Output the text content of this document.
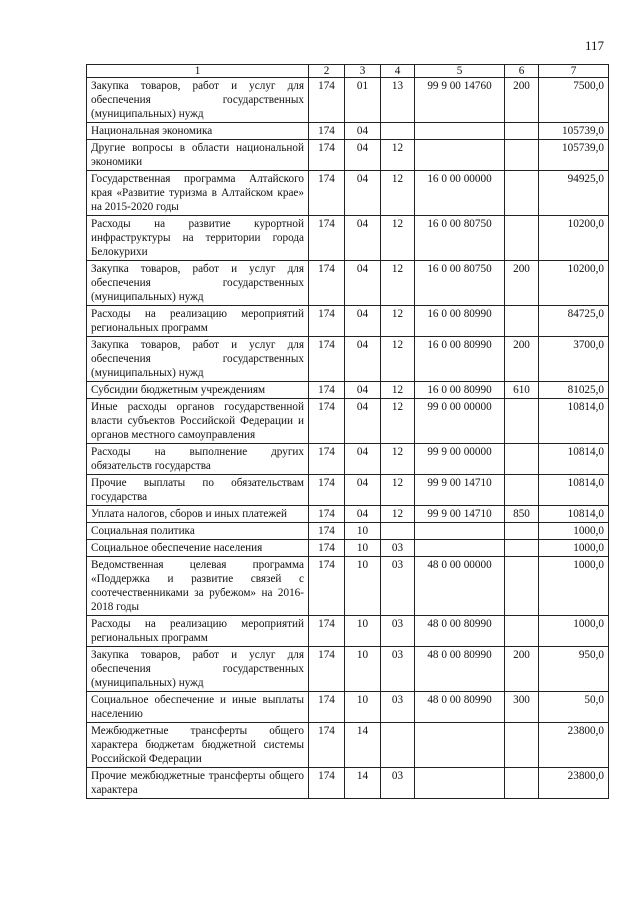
117
1	2	3	4	5	6	7
Закупка товаров, работ и услуг для обеспечения государственных (муниципальных) нужд	174	01	13	99 9 00 14760	200	7500,0
Национальная экономика	174	04				105739,0
Другие вопросы в области национальной экономики	174	04	12			105739,0
Государственная программа Алтайского края «Развитие туризма в Алтайском крае» на 2015-2020 годы	174	04	12	16 0 00 00000		94925,0
Расходы на развитие курортной инфраструктуры на территории города Белокурихи	174	04	12	16 0 00 80750		10200,0
Закупка товаров, работ и услуг для обеспечения государственных (муниципальных) нужд	174	04	12	16 0 00 80750	200	10200,0
Расходы на реализацию мероприятий региональных программ	174	04	12	16 0 00 80990		84725,0
Закупка товаров, работ и услуг для обеспечения государственных (муниципальных) нужд	174	04	12	16 0 00 80990	200	3700,0
Субсидии бюджетным учреждениям	174	04	12	16 0 00 80990	610	81025,0
Иные расходы органов государственной власти субъектов Российской Федерации и органов местного самоуправления	174	04	12	99 0 00 00000		10814,0
Расходы на выполнение других обязательств государства	174	04	12	99 9 00 00000		10814,0
Прочие выплаты по обязательствам государства	174	04	12	99 9 00 14710		10814,0
Уплата налогов, сборов и иных платежей	174	04	12	99 9 00 14710	850	10814,0
Социальная политика	174	10				1000,0
Социальное обеспечение населения	174	10	03			1000,0
Ведомственная целевая программа «Поддержка и развитие связей с соотечественниками за рубежом» на 2016-2018 годы	174	10	03	48 0 00 00000		1000,0
Расходы на реализацию мероприятий региональных программ	174	10	03	48 0 00 80990		1000,0
Закупка товаров, работ и услуг для обеспечения государственных (муниципальных) нужд	174	10	03	48 0 00 80990	200	950,0
Социальное обеспечение и иные выплаты населению	174	10	03	48 0 00 80990	300	50,0
Межбюджетные трансферты общего характера бюджетам бюджетной системы Российской Федерации	174	14				23800,0
Прочие межбюджетные трансферты общего характера	174	14	03			23800,0
